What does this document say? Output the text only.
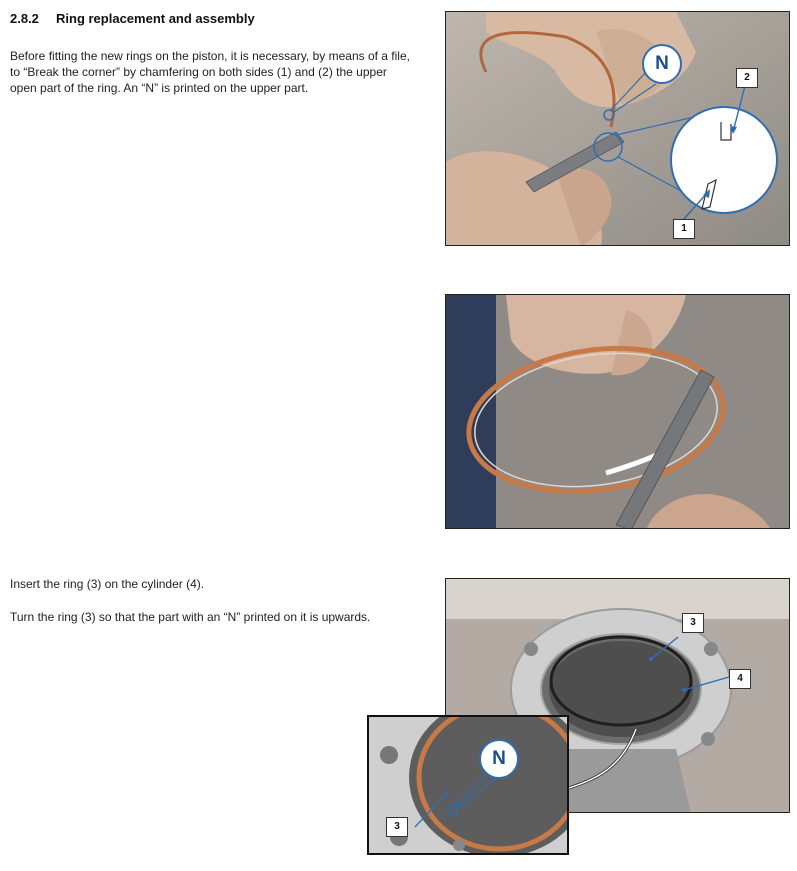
2.8.2 Ring replacement and assembly
Before fitting the new rings on the piston, it is necessary, by means of a file,
to “Break the corner” by chamfering on both sides (1) and (2) the upper
open part of the ring. An “N” is printed on the upper part.
Insert the ring (3) on the cylinder (4).
Turn the ring (3) so that the part with an “N” printed on it is upwards.
N
2
1
3
4
N
3
